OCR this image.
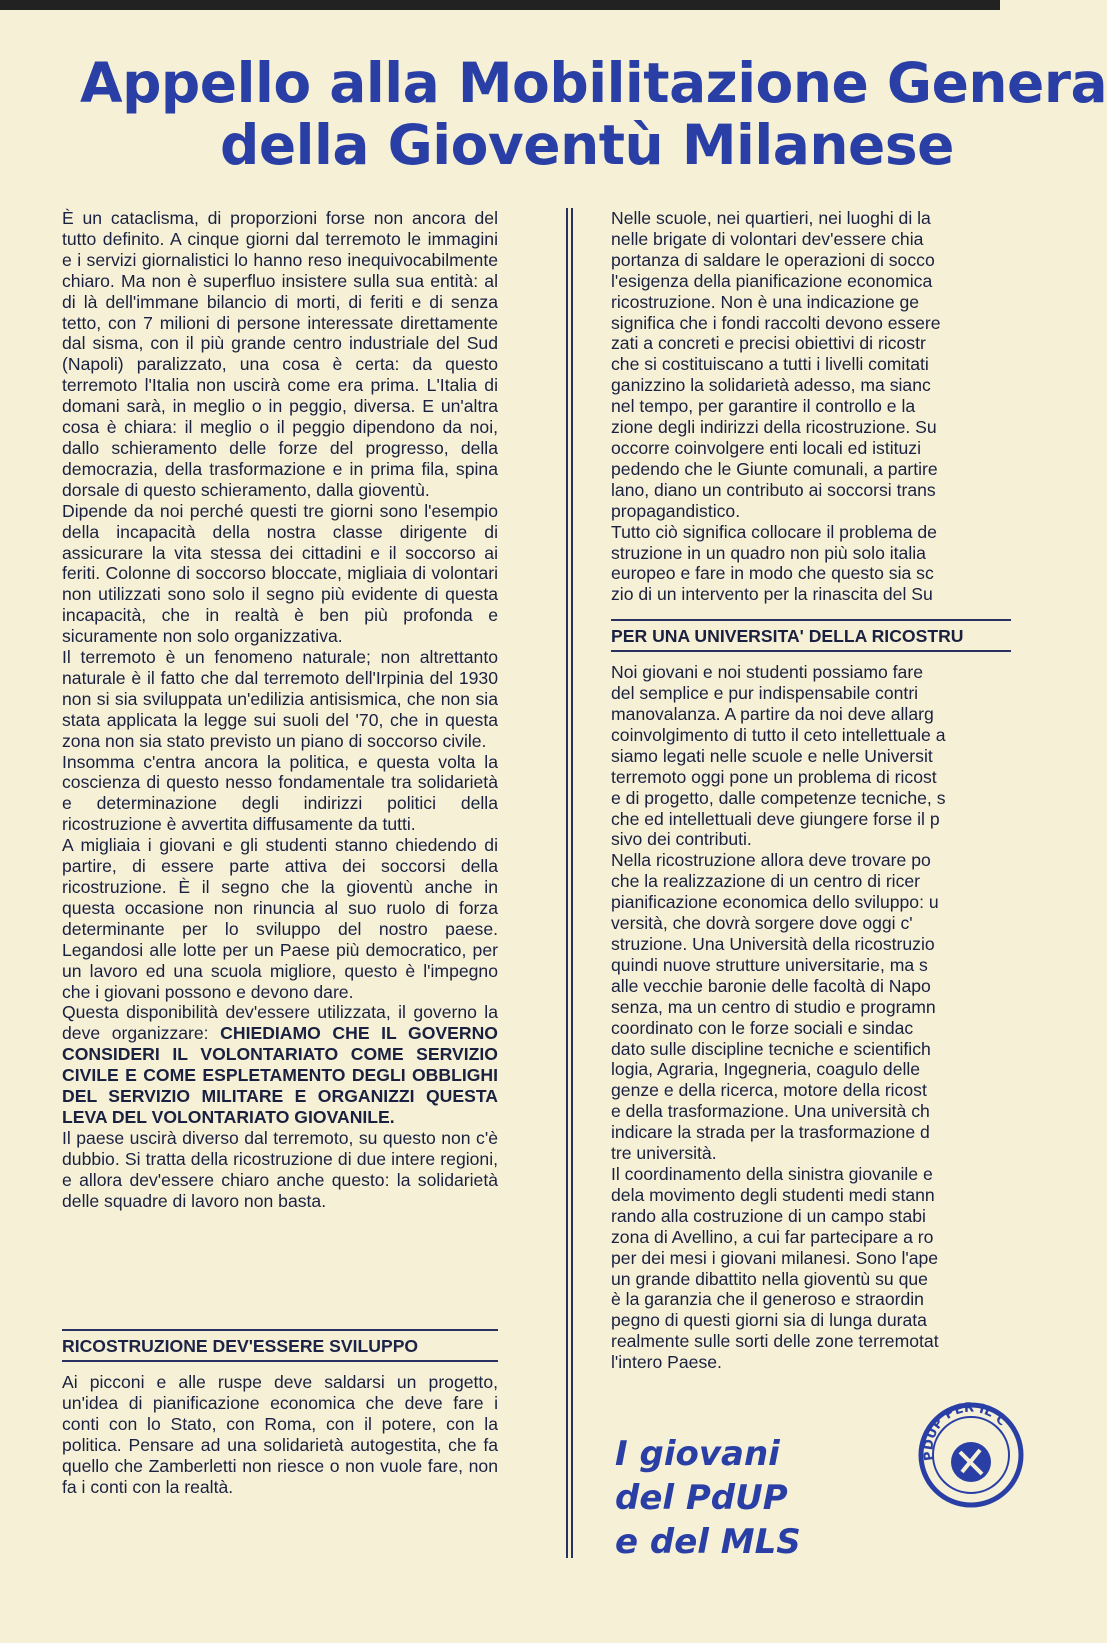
Appello alla Mobilitazione Genera
della Gioventù Milanese

È un cataclisma, di proporzioni forse non ancora del tutto definito. A cinque giorni dal terremoto le immagini e i servizi giornalistici lo hanno reso inequivocabilmente chiaro. Ma non è superfluo insistere sulla sua entità: al di là dell'immane bilancio di morti, di feriti e di senza tetto, con 7 milioni di persone interessate direttamente dal sisma, con il più grande centro industriale del Sud (Napoli) paralizzato, una cosa è certa: da questo terremoto l'Italia non uscirà come era prima. L'Italia di domani sarà, in meglio o in peggio, diversa. E un'altra cosa è chiara: il meglio o il peggio dipendono da noi, dallo schieramento delle forze del progresso, della democrazia, della trasformazione e in prima fila, spina dorsale di questo schieramento, dalla gioventù.

Dipende da noi perché questi tre giorni sono l'esempio della incapacità della nostra classe dirigente di assicurare la vita stessa dei cittadini e il soccorso ai feriti. Colonne di soccorso bloccate, migliaia di volontari non utilizzati sono solo il segno più evidente di questa incapacità, che in realtà è ben più profonda e sicuramente non solo organizzativa.

Il terremoto è un fenomeno naturale; non altrettanto naturale è il fatto che dal terremoto dell'Irpinia del 1930 non si sia sviluppata un'edilizia antisismica, che non sia stata applicata la legge sui suoli del '70, che in questa zona non sia stato previsto un piano di soccorso civile.

Insomma c'entra ancora la politica, e questa volta la coscienza di questo nesso fondamentale tra solidarietà e determinazione degli indirizzi politici della ricostruzione è avvertita diffusamente da tutti.

A migliaia i giovani e gli studenti stanno chiedendo di partire, di essere parte attiva dei soccorsi della ricostruzione. È il segno che la gioventù anche in questa occasione non rinuncia al suo ruolo di forza determinante per lo sviluppo del nostro paese. Legandosi alle lotte per un Paese più democratico, per un lavoro ed una scuola migliore, questo è l'impegno che i giovani possono e devono dare.

Questa disponibilità dev'essere utilizzata, il governo la deve organizzare: CHIEDIAMO CHE IL GOVERNO CONSIDERI IL VOLONTARIATO COME SERVIZIO CIVILE E COME ESPLETAMENTO DEGLI OBBLIGHI DEL SERVIZIO MILITARE E ORGANIZZI QUESTA LEVA DEL VOLONTARIATO GIOVANILE.

Il paese uscirà diverso dal terremoto, su questo non c'è dubbio. Si tratta della ricostruzione di due intere regioni, e allora dev'essere chiaro anche questo: la solidarietà delle squadre di lavoro non basta.

RICOSTRUZIONE DEV'ESSERE SVILUPPO

Ai picconi e alle ruspe deve saldarsi un progetto, un'idea di pianificazione economica che deve fare i conti con lo Stato, con Roma, con il potere, con la politica. Pensare ad una solidarietà autogestita, che fa quello che Zamberletti non riesce o non vuole fare, non fa i conti con la realtà.

Nelle scuole, nei quartieri, nei luoghi di la
nelle brigate di volontari dev'essere chia
portanza di saldare le operazioni di socco
l'esigenza della pianificazione economica
ricostruzione. Non è una indicazione ge
significa che i fondi raccolti devono essere
zati a concreti e precisi obiettivi di ricostr
che si costituiscano a tutti i livelli comitati
ganizzino la solidarietà adesso, ma sianc
nel tempo, per garantire il controllo e la
zione degli indirizzi della ricostruzione. Su
occorre coinvolgere enti locali ed istituzi
pedendo che le Giunte comunali, a partire
lano, diano un contributo ai soccorsi trans
propagandistico.
Tutto ciò significa collocare il problema de
struzione in un quadro non più solo italia
europeo e fare in modo che questo sia sc
zio di un intervento per la rinascita del Su

PER UNA UNIVERSITA' DELLA RICOSTRU

Noi giovani e noi studenti possiamo fare
del semplice e pur indispensabile contri
manovalanza. A partire da noi deve allarg
coinvolgimento di tutto il ceto intellettuale a
siamo legati nelle scuole e nelle Universit
terremoto oggi pone un problema di ricost
e di progetto, dalle competenze tecniche, s
che ed intellettuali deve giungere forse il p
sivo dei contributi.
Nella ricostruzione allora deve trovare po
che la realizzazione di un centro di ricer
pianificazione economica dello sviluppo: u
versità, che dovrà sorgere dove oggi c'
struzione. Una Università della ricostruzio
quindi nuove strutture universitarie, ma s
alle vecchie baronie delle facoltà di Napo
senza, ma un centro di studio e programn
coordinato con le forze sociali e sindac
dato sulle discipline tecniche e scientifich
logia, Agraria, Ingegneria, coagulo delle
genze e della ricerca, motore della ricost
e della trasformazione. Una università ch
indicare la strada per la trasformazione d
tre università.
Il coordinamento della sinistra giovanile e
dela movimento degli studenti medi stann
rando alla costruzione di un campo stabi
zona di Avellino, a cui far partecipare a ro
per dei mesi i giovani milanesi. Sono l'ape
un grande dibattito nella gioventù su que
è la garanzia che il generoso e straordin
pegno di questi giorni sia di lunga durata
realmente sulle sorti delle zone terremotat
l'intero Paese.
I giovani
del PdUP
e del MLS
PDUP PER IL C
